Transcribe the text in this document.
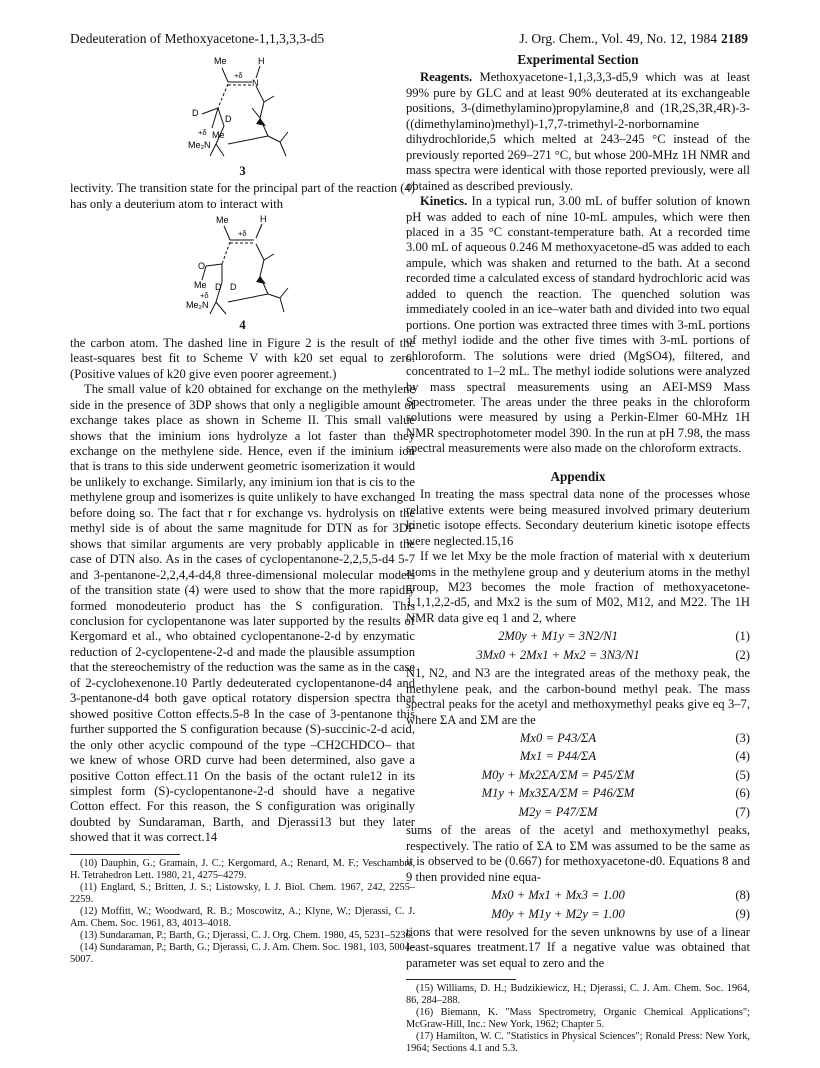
Dedeuteration of Methoxyacetone-1,1,3,3,3-d5	J. Org. Chem., Vol. 49, No. 12, 1984 2189
Me	H
+δ
N
D
D
+δ Me
Me₂N
3

lectivity. The transition state for the principal part of the reaction (4) has only a deuterium atom to interact with

Me	H
+δ
O
Me D D
+δ
Me₂N
4

the carbon atom. The dashed line in Figure 2 is the result of the least-squares best fit to Scheme V with k20 set equal to zero. (Positive values of k20 give even poorer agreement.)

The small value of k20 obtained for exchange on the methylene side in the presence of 3DP shows that only a negligible amount of exchange takes place as shown in Scheme II. This small value shows that the iminium ions hydrolyze a lot faster than they exchange on the methylene side. Hence, even if the iminium ion that is trans to this side underwent geometric isomerization it would be unlikely to exchange. Similarly, any iminium ion that is cis to the methylene group and isomerizes is quite unlikely to have exchanged before doing so. The fact that r for exchange vs. hydrolysis on the methyl side is of about the same magnitude for DTN as for 3DP shows that similar arguments are very probably applicable in the case of DTN also. As in the cases of cyclopentanone-2,2,5,5-d4 5-7 and 3-pentanone-2,2,4,4-d4,8 three-dimensional molecular models of the transition state (4) were used to show that the more rapidly formed monodeuterio product has the S configuration. This conclusion for cyclopentanone was later supported by the results of Kergomard et al., who obtained cyclopentanone-2-d by enzymatic reduction of 2-cyclopentene-2-d and made the plausible assumption that the stereochemistry of the reduction was the same as in the case of 2-cyclohexenone.10 Partly dedeuterated cyclopentanone-d4 and 3-pentanone-d4 both gave optical rotatory dispersion spectra that showed positive Cotton effects.5-8 In the case of 3-pentanone this further supported the S configuration because (S)-succinic-2-d acid, the only other acyclic compound of the type –CH2CHDCO– that we knew of whose ORD curve had been determined, also gave a positive Cotton effect.11 On the basis of the octant rule12 in its simplest form (S)-cyclopentanone-2-d should have a negative Cotton effect. For this reason, the S configuration was originally doubted by Sundaraman, Barth, and Djerassi13 but they later showed that it was correct.14

(10) Dauphin, G.; Gramain, J. C.; Kergomard, A.; Renard, M. F.; Veschambre, H. Tetrahedron Lett. 1980, 21, 4275–4279.

(11) Englard, S.; Britten, J. S.; Listowsky, I. J. Biol. Chem. 1967, 242, 2255–2259.

(12) Moffitt, W.; Woodward, R. B.; Moscowitz, A.; Klyne, W.; Djerassi, C. J. Am. Chem. Soc. 1961, 83, 4013–4018.

(13) Sundaraman, P.; Barth, G.; Djerassi, C. J. Org. Chem. 1980, 45, 5231–5236.

(14) Sundaraman, P.; Barth, G.; Djerassi, C. J. Am. Chem. Soc. 1981, 103, 5004–5007.

Experimental Section

Reagents. Methoxyacetone-1,1,3,3,3-d5,9 which was at least 99% pure by GLC and at least 90% deuterated at its exchangeable positions, 3-(dimethylamino)propylamine,8 and (1R,2S,3R,4R)-3-((dimethylamino)methyl)-1,7,7-trimethyl-2-norbornamine dihydrochloride,5 which melted at 243–245 °C instead of the previously reported 269–271 °C, but whose 200-MHz 1H NMR and mass spectra were identical with those reported previously, were all obtained as described previously.

Kinetics. In a typical run, 3.00 mL of buffer solution of known pH was added to each of nine 10-mL ampules, which were then placed in a 35 °C constant-temperature bath. At a recorded time 3.00 mL of aqueous 0.246 M methoxyacetone-d5 was added to each ampule, which was shaken and returned to the bath. At a second recorded time a calculated excess of standard hydrochloric acid was added to quench the reaction. The quenched solution was immediately cooled in an ice–water bath and divided into two equal portions. One portion was extracted three times with 3-mL portions of methyl iodide and the other five times with 3-mL portions of chloroform. The solutions were dried (MgSO4), filtered, and concentrated to 1–2 mL. The methyl iodide solutions were analyzed by mass spectral measurements using an AEI-MS9 Mass Spectrometer. The areas under the three peaks in the chloroform solutions were measured by using a Perkin-Elmer 60-MHz 1H NMR spectrophotometer model 390. In the run at pH 7.98, the mass spectral measurements were also made on the chloroform extracts.

Appendix

In treating the mass spectral data none of the processes whose relative extents were being measured involved primary deuterium kinetic isotope effects. Secondary deuterium kinetic isotope effects were neglected.15,16

If we let Mxy be the mole fraction of material with x deuterium atoms in the methylene group and y deuterium atoms in the methyl group, M23 becomes the mole fraction of methoxyacetone-1,1,1,2,2-d5, and Mx2 is the sum of M02, M12, and M22. The 1H NMR data give eq 1 and 2, where

2M0y + M1y = 3N2/N1	(1)
3Mx0 + 2Mx1 + Mx2 = 3N3/N1	(2)

N1, N2, and N3 are the integrated areas of the methoxy peak, the methylene peak, and the carbon-bound methyl peak. The mass spectral peaks for the acetyl and methoxymethyl peaks give eq 3–7, where ΣA and ΣM are the

Mx0 = P43/ΣA	(3)
Mx1 = P44/ΣA	(4)
M0y + Mx2ΣA/ΣM = P45/ΣM	(5)
M1y + Mx3ΣA/ΣM = P46/ΣM	(6)
M2y = P47/ΣM	(7)

sums of the areas of the acetyl and methoxymethyl peaks, respectively. The ratio of ΣA to ΣM was assumed to be the same as it is observed to be (0.667) for methoxyacetone-d0. Equations 8 and 9 then provided nine equa-

Mx0 + Mx1 + Mx3 = 1.00	(8)
M0y + M1y + M2y = 1.00	(9)

tions that were resolved for the seven unknowns by use of a linear least-squares treatment.17 If a negative value was obtained that parameter was set equal to zero and the

(15) Williams, D. H.; Budzikiewicz, H.; Djerassi, C. J. Am. Chem. Soc. 1964, 86, 284–288.

(16) Biemann, K. "Mass Spectrometry, Organic Chemical Applications"; McGraw-Hill, Inc.: New York, 1962; Chapter 5.

(17) Hamilton, W. C. "Statistics in Physical Sciences"; Ronald Press: New York, 1964; Sections 4.1 and 5.3.
